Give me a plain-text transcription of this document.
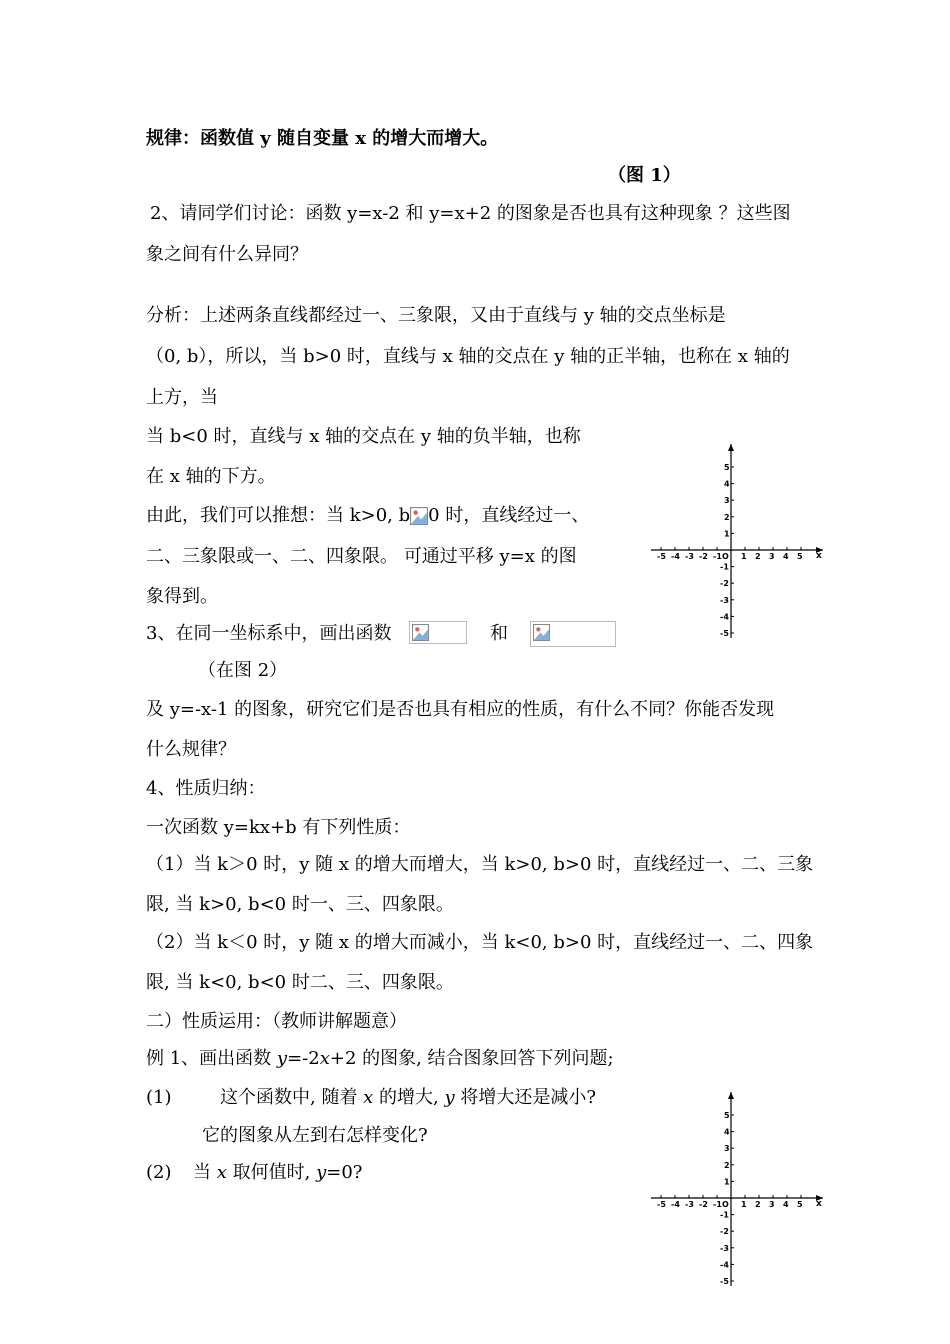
规律：函数值 y 随自变量 x 的增大而增大。
（图 1）
2、请同学们讨论：函数 y=x-2 和 y=x+2 的图象是否也具有这种现象 ？这些图
象之间有什么异同？
分析：上述两条直线都经过一、三象限，又由于直线与 y 轴的交点坐标是
（0, b），所以，当 b>0 时，直线与 x 轴的交点在 y 轴的正半轴，也称在 x 轴的
上方，当
当 b<0 时，直线与 x 轴的交点在 y 轴的负半轴，也称
在 x 轴的下方。
由此，我们可以推想：当 k>0, b 0 时，直线经过一、
二、三象限或一、二、四象限。 可通过平移 y=x 的图
象得到。
3、在同一坐标系中，画出函数	和
（在图 2）
及 y=-x-1 的图象，研究它们是否也具有相应的性质，有什么不同？你能否发现
什么规律？
4、性质归纳：
一次函数 y=kx+b 有下列性质：
（1）当 k＞0 时，y 随 x 的增大而增大，当 k>0, b>0 时，直线经过一、二、三象
限, 当 k>0, b<0 时一、三、四象限。
（2）当 k＜0 时，y 随 x 的增大而减小，当 k<0, b>0 时，直线经过一、二、四象
限, 当 k<0, b<0 时二、三、四象限。
二）性质运用：（教师讲解题意）
例 1、画出函数 y=-2x+2 的图象, 结合图象回答下列问题;
(1)	这个函数中, 随着 x 的增大, y 将增大还是减小?
它的图象从左到右怎样变化?
(2) 当 x 取何值时, y=0?
x
-5 -4 -3 -2 -1 O 1 2 3 4 5
5
4
3
2
1
-1
-2
-3
-4
-5
x
-5 -4 -3 -2 -1 O 1 2 3 4 5
5
4
3
2
1
-1
-2
-3
-4
-5
